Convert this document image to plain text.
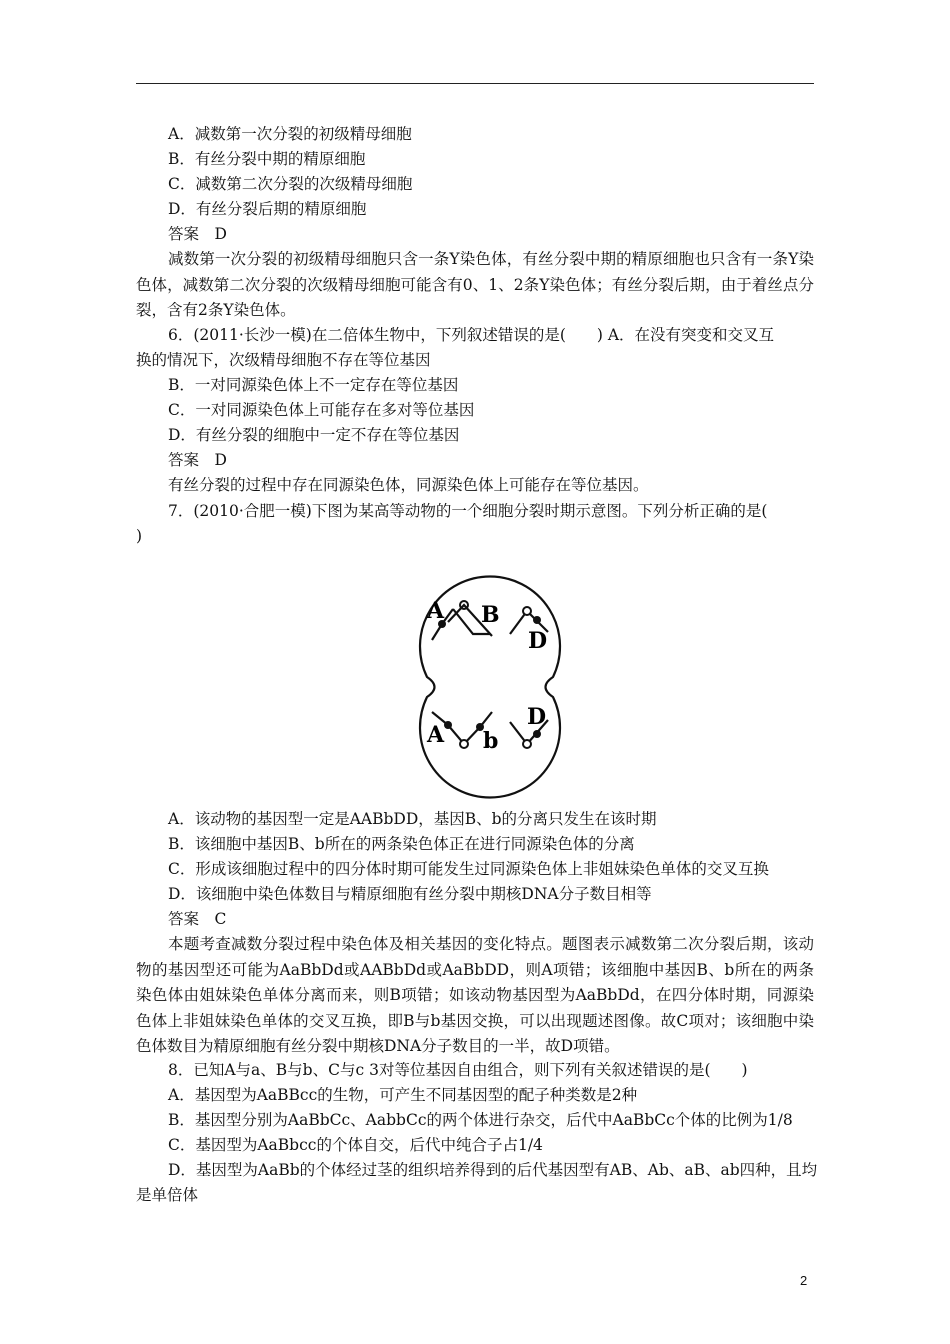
A．减数第一次分裂的初级精母细胞
B．有丝分裂中期的精原细胞
C．减数第二次分裂的次级精母细胞
D．有丝分裂后期的精原细胞
答案　D
减数第一次分裂的初级精母细胞只含一条Y染色体，有丝分裂中期的精原细胞也只含有一条Y染色体，减数第二次分裂的次级精母细胞可能含有0、1、2条Y染色体；有丝分裂后期，由于着丝点分裂，含有2条Y染色体。
6．(2011·长沙一模)在二倍体生物中，下列叙述错误的是(　　) A．在没有突变和交叉互
换的情况下，次级精母细胞不存在等位基因
B．一对同源染色体上不一定存在等位基因
C．一对同源染色体上可能存在多对等位基因
D．有丝分裂的细胞中一定不存在等位基因
答案　D
有丝分裂的过程中存在同源染色体，同源染色体上可能存在等位基因。
7．(2010·合肥一模)下图为某高等动物的一个细胞分裂时期示意图。下列分析正确的是(
)
A B
D
A b
D
A．该动物的基因型一定是AABbDD，基因B、b的分离只发生在该时期
B．该细胞中基因B、b所在的两条染色体正在进行同源染色体的分离
C．形成该细胞过程中的四分体时期可能发生过同源染色体上非姐妹染色单体的交叉互换
D．该细胞中染色体数目与精原细胞有丝分裂中期核DNA分子数目相等
答案　C
本题考查减数分裂过程中染色体及相关基因的变化特点。题图表示减数第二次分裂后期，该动物的基因型还可能为AaBbDd或AABbDd或AaBbDD，则A项错；该细胞中基因B、b所在的两条染色体由姐妹染色单体分离而来，则B项错；如该动物基因型为AaBbDd，在四分体时期，同源染色体上非姐妹染色单体的交叉互换，即B与b基因交换，可以出现题述图像。故C项对；该细胞中染色体数目为精原细胞有丝分裂中期核DNA分子数目的一半，故D项错。
8．已知A与a、B与b、C与c 3对等位基因自由组合，则下列有关叙述错误的是(　　)
A．基因型为AaBBcc的生物，可产生不同基因型的配子种类数是2种
B．基因型分别为AaBbCc、AabbCc的两个体进行杂交，后代中AaBbCc个体的比例为1/8
C．基因型为AaBbcc的个体自交，后代中纯合子占1/4
D．基因型为AaBb的个体经过茎的组织培养得到的后代基因型有AB、Ab、aB、ab四种，且均
是单倍体
2
